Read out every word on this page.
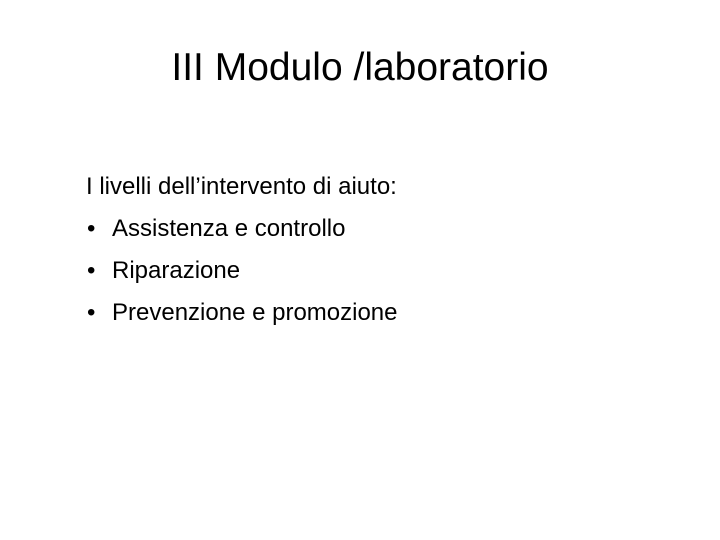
III Modulo /laboratorio
I livelli dell’intervento di aiuto:
• Assistenza e controllo
• Riparazione
• Prevenzione e promozione
